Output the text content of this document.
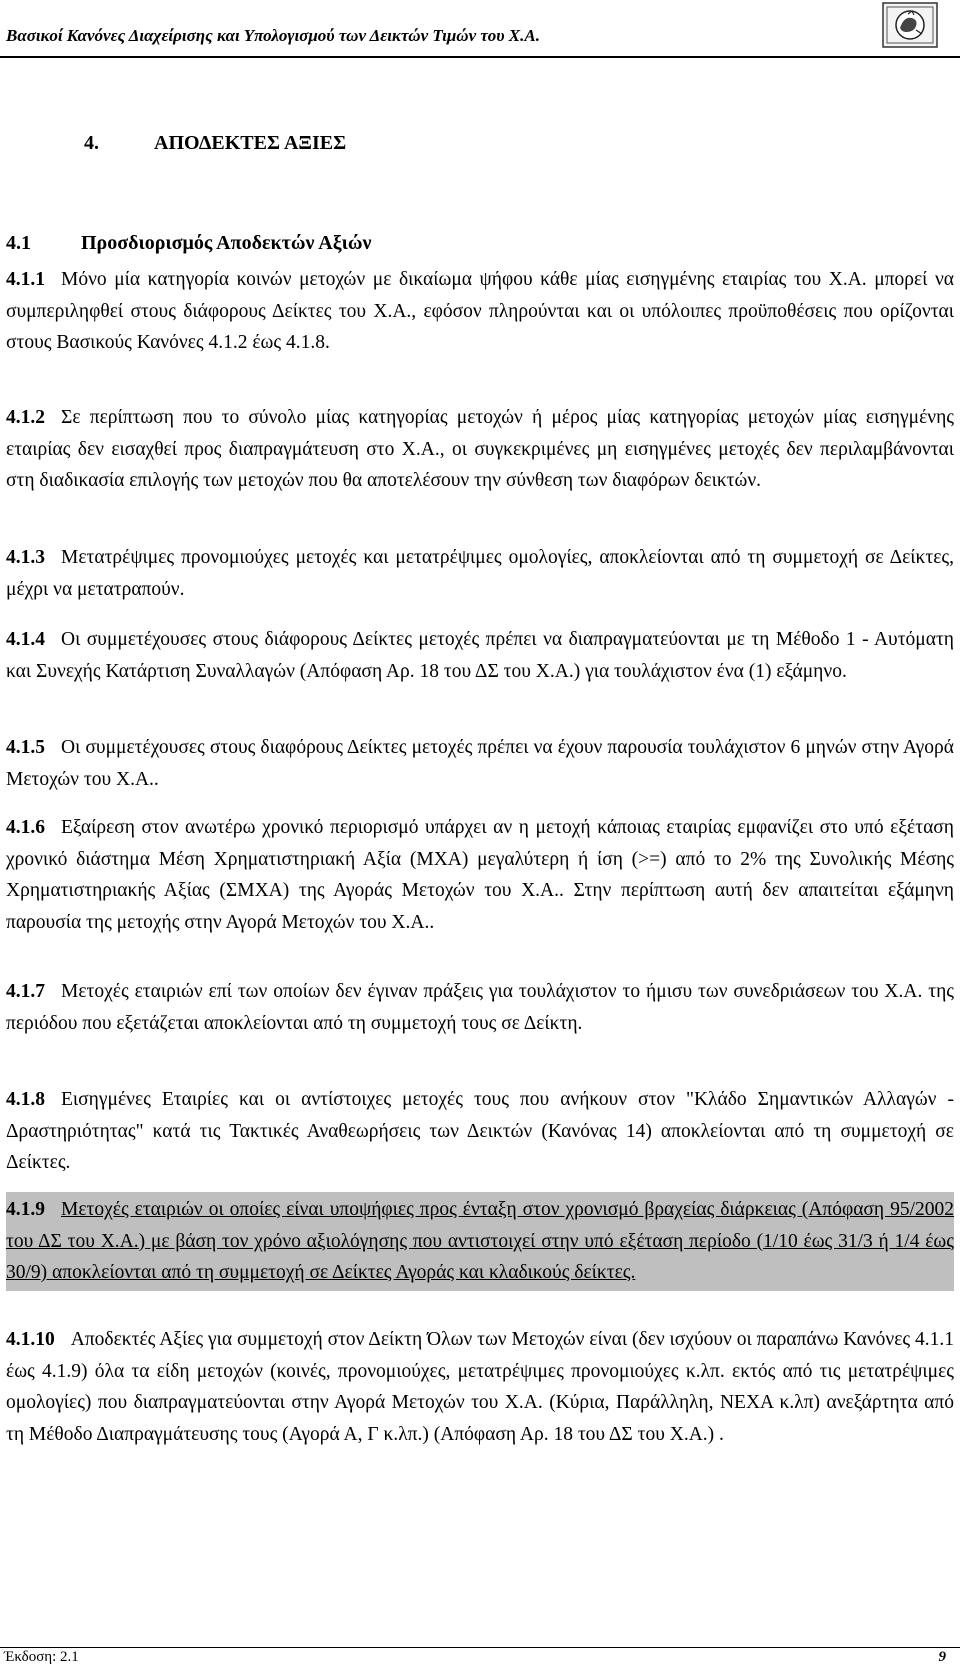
Βασικοί Κανόνες Διαχείρισης και Υπολογισμού των Δεικτών Τιμών του Χ.Α.
4.	ΑΠΟΔΕΚΤΕΣ ΑΞΙΕΣ
4.1	Προσδιορισμός Αποδεκτών Αξιών

4.1.1 Μόνο μία κατηγορία κοινών μετοχών με δικαίωμα ψήφου κάθε μίας εισηγμένης εταιρίας του Χ.Α. μπορεί να συμπεριληφθεί στους διάφορους Δείκτες του Χ.Α., εφόσον πληρούνται και οι υπόλοιπες προϋποθέσεις που ορίζονται στους Βασικούς Κανόνες 4.1.2 έως 4.1.8.

4.1.2 Σε περίπτωση που το σύνολο μίας κατηγορίας μετοχών ή μέρος μίας κατηγορίας μετοχών μίας εισηγμένης εταιρίας δεν εισαχθεί προς διαπραγμάτευση στο Χ.Α., οι συγκεκριμένες μη εισηγμένες μετοχές δεν περιλαμβάνονται στη διαδικασία επιλογής των μετοχών που θα αποτελέσουν την σύνθεση των διαφόρων δεικτών.

4.1.3 Μετατρέψιμες προνομιούχες μετοχές και μετατρέψιμες ομολογίες, αποκλείονται από τη συμμετοχή σε Δείκτες, μέχρι να μετατραπούν.

4.1.4 Οι συμμετέχουσες στους διάφορους Δείκτες μετοχές πρέπει να διαπραγματεύονται με τη Μέθοδο 1 - Αυτόματη και Συνεχής Κατάρτιση Συναλλαγών (Απόφαση Αρ. 18 του ΔΣ του Χ.Α.) για τουλάχιστον ένα (1) εξάμηνο.

4.1.5 Οι συμμετέχουσες στους διαφόρους Δείκτες μετοχές πρέπει να έχουν παρουσία τουλάχιστον 6 μηνών στην Αγορά Μετοχών του Χ.Α..

4.1.6 Εξαίρεση στον ανωτέρω χρονικό περιορισμό υπάρχει αν η μετοχή κάποιας εταιρίας εμφανίζει στο υπό εξέταση χρονικό διάστημα Μέση Χρηματιστηριακή Αξία (ΜΧΑ) μεγαλύτερη ή ίση (>=) από το 2% της Συνολικής Μέσης Χρηματιστηριακής Αξίας (ΣΜΧΑ) της Αγοράς Μετοχών του Χ.Α.. Στην περίπτωση αυτή δεν απαιτείται εξάμηνη παρουσία της μετοχής στην Αγορά Μετοχών του Χ.Α..

4.1.7 Μετοχές εταιριών επί των οποίων δεν έγιναν πράξεις για τουλάχιστον το ήμισυ των συνεδριάσεων του Χ.Α. της περιόδου που εξετάζεται αποκλείονται από τη συμμετοχή τους σε Δείκτη.

4.1.8 Εισηγμένες Εταιρίες και οι αντίστοιχες μετοχές τους που ανήκουν στον "Κλάδο Σημαντικών Αλλαγών - Δραστηριότητας" κατά τις Τακτικές Αναθεωρήσεις των Δεικτών (Κανόνας 14) αποκλείονται από τη συμμετοχή σε Δείκτες.

4.1.9 Μετοχές εταιριών οι οποίες είναι υποψήφιες προς ένταξη στον χρονισμό βραχείας διάρκειας (Απόφαση 95/2002 του ΔΣ του Χ.Α.) με βάση τον χρόνο αξιολόγησης που αντιστοιχεί στην υπό εξέταση περίοδο (1/10 έως 31/3 ή 1/4 έως 30/9) αποκλείονται από τη συμμετοχή σε Δείκτες Αγοράς και κλαδικούς δείκτες.

4.1.10 Αποδεκτές Αξίες για συμμετοχή στον Δείκτη Όλων των Μετοχών είναι (δεν ισχύουν οι παραπάνω Κανόνες 4.1.1 έως 4.1.9) όλα τα είδη μετοχών (κοινές, προνομιούχες, μετατρέψιμες προνομιούχες κ.λπ. εκτός από τις μετατρέψιμες ομολογίες) που διαπραγματεύονται στην Αγορά Μετοχών του Χ.Α. (Κύρια, Παράλληλη, ΝΕΧΑ κ.λπ) ανεξάρτητα από τη Μέθοδο Διαπραγμάτευσης τους (Αγορά Α, Γ κ.λπ.) (Απόφαση Αρ. 18 του ΔΣ του Χ.Α.) .

Έκδοση: 2.1	9
